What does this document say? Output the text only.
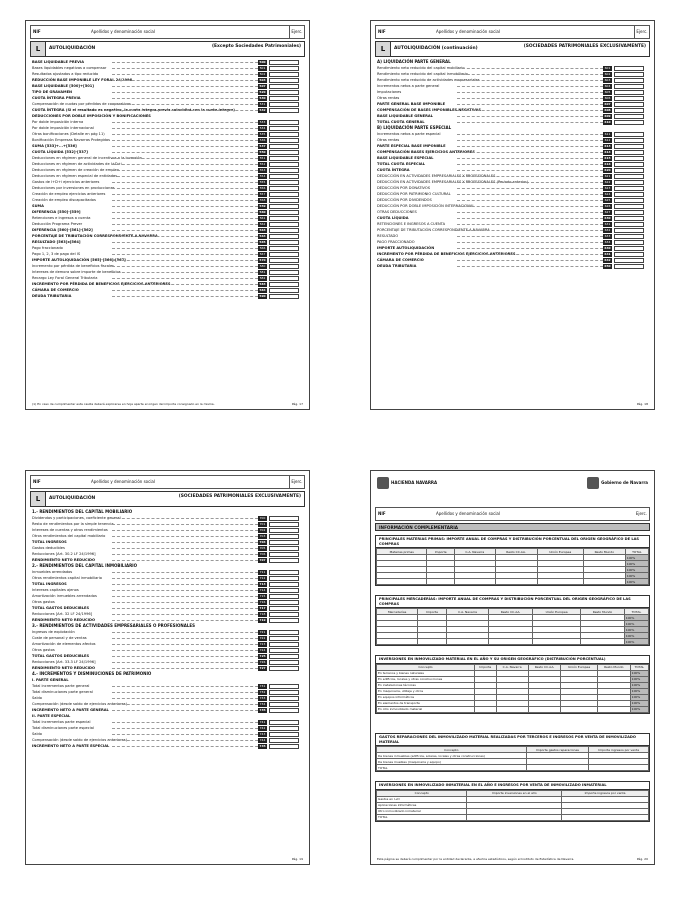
NIF	Apellidos y denominación social	Ejerc.
L	AUTOLIQUIDACIÓN	(Excepto Sociedades Patrimoniales)
BASE LIQUIDABLE PREVIA	500
Bases liquidables negativas a compensar	501
Resultados ajustados a tipo reducido	502
REDUCCIÓN BASE IMPONIBLE LEY FORAL 24/1996	503
BASE LIQUIDABLE [500]+[501]	507
TIPO DE GRAVAMEN	520
CUOTA ÍNTEGRA PREVIA	530
Compensación de cuotas por pérdidas de cooperativas	531
CUOTA ÍNTEGRA (Si el resultado es negativo, la cuota íntegra previa coincidirá con la cuota íntegra)	532
DEDUCCIONES POR DOBLE IMPOSICIÓN Y BONIFICACIONES
Por doble imposición interna	533
Por doble imposición internacional	534
Otras bonificaciones (Detalle en pág 11)	535
Bonificación Empresas Navarras Protegidas	536
SUMA [533]+...+[536]	537
CUOTA LÍQUIDA [532]-[537]	550
Deducciones en régimen general de incentivos a la inversión	551
Deducciones en régimen de actividades de I+D+i	552
Deducciones en régimen de creación de empleo	553
Deducciones en régimen especial de entidades	554
Gastos de I+D+i ejercicios anteriores	555
Deducciones por inversiones en producciones	556
Creación de empleo ejercicios anteriores	557
Creación de empleo discapacitados	558
SUMA	559
DIFERENCIA [550]-[559]	560
Retenciones e ingresos a cuenta	561
Deducción Programa Prever	562
DIFERENCIA [560]-[561]-[562]	563
PORCENTAJE DE TRIBUTACIÓN CORRESPONDIENTE A NAVARRA	564
RESULTADO [563]x[564]	565
Pago fraccionado	566
Pago 1, 2, 3 de pago del IS	567
IMPORTE AUTOLIQUIDACIÓN [565]-[566]-[567]	570
Incremento por pérdida de beneficios fiscales	580
Intereses de demora sobre importe de beneficios	581
Recargo Ley Foral General Tributaria	582
INCREMENTO POR PÉRDIDA DE BENEFICIOS EJERCICIOS ANTERIORES	583
CÁMARA DE COMERCIO	584
DEUDA TRIBUTARIA	590
(1) En caso de cumplimentar esta casilla deberá explicarse en hoja aparte el origen del importe consignado en la misma.	Pág. 17
NIF	Apellidos y denominación social	Ejerc.
L	AUTOLIQUIDACIÓN (continuación)	(SOCIEDADES PATRIMONIALES EXCLUSIVAMENTE)
A) LIQUIDACIÓN PARTE GENERAL
Rendimiento neto reducido del capital mobiliario	601
Rendimiento neto reducido del capital inmobiliario	602
Rendimiento neto reducido de actividades empresariales	603
Incrementos netos a parte general	604
Imputaciones	605
Otras rentas	606
PARTE GENERAL BASE IMPONIBLE	607
COMPENSACIÓN DE BASES IMPONIBLES NEGATIVAS	608
BASE LIQUIDABLE GENERAL	609
TOTAL CUOTA GENERAL	610
B) LIQUIDACIÓN PARTE ESPECIAL
Incrementos netos a parte especial	611
Otras rentas	612
PARTE ESPECIAL BASE IMPONIBLE	613
COMPENSACIÓN BASES EJERCICIOS ANTERIORES	614
BASE LIQUIDABLE ESPECIAL	615
TOTAL CUOTA ESPECIAL	616
CUOTA ÍNTEGRA	620
DEDUCCIÓN EN ACTIVIDADES EMPRESARIALES Y PROFESIONALES	621
DEDUCCIÓN EN ACTIVIDADES EMPRESARIALES Y PROFESIONALES (Periodo anterior)	622
DEDUCCIÓN POR DONATIVOS	623
DEDUCCIÓN POR PATRIMONIO CULTURAL	624
DEDUCCIÓN POR DIVIDENDOS	625
DEDUCCIÓN POR DOBLE IMPOSICIÓN INTERNACIONAL	626
OTRAS DEDUCCIONES	627
CUOTA LÍQUIDA	630
RETENCIONES E INGRESOS A CUENTA	631
PORCENTAJE DE TRIBUTACIÓN CORRESPONDIENTE A NAVARRA	632
RESULTADO	633
PAGO FRACCIONADO	634
IMPORTE AUTOLIQUIDACIÓN	640
INCREMENTO POR PÉRDIDA DE BENEFICIOS EJERCICIOS ANTERIORES	641
CÁMARA DE COMERCIO	642
DEUDA TRIBUTARIA	650
Pág. 18
NIF	Apellidos y denominación social	Ejerc.
L	AUTOLIQUIDACIÓN	(SOCIEDADES PATRIMONIALES EXCLUSIVAMENTE)
1.- RENDIMIENTOS DEL CAPITAL MOBILIARIO
Dividendos y participaciones, coeficiente general	700
Resto de rendimientos por la simple tenencia	701
Intereses de cuentas y otros rendimientos	702
Otros rendimientos del capital mobiliario	703
TOTAL INGRESOS	704
Gastos deducibles	705
Reducciones [Art. 30.2 LF 24/1996]	706
RENDIMIENTO NETO REDUCIDO	707
2.- RENDIMIENTOS DEL CAPITAL INMOBILIARIO
Inmuebles arrendados	711
Otros rendimientos capital inmobiliario	712
TOTAL INGRESOS	713
Intereses capitales ajenos	714
Amortización inmuebles arrendados	715
Otros gastos	716
TOTAL GASTOS DEDUCIBLES	717
Reducciones [Art. 32 LF 24/1996]	718
RENDIMIENTO NETO REDUCIDO	719
3.- RENDIMIENTOS DE ACTIVIDADES EMPRESARIALES O PROFESIONALES
Ingresos de explotación	721
Coste de personal y de ventas	722
Amortización de elementos afectos	723
Otros gastos	724
TOTAL GASTOS DEDUCIBLES	725
Reducciones [Art. 33.3 LF 24/1996]	726
RENDIMIENTO NETO REDUCIDO	727
4.- INCREMENTOS Y DISMINUCIONES DE PATRIMONIO
I. PARTE GENERAL
Total incrementos parte general	731
Total disminuciones parte general	732
Saldo	733
Compensación (desde saldo de ejercicios anteriores)	734
INCREMENTO NETO A PARTE GENERAL	735
II. PARTE ESPECIAL
Total incrementos parte especial	741
Total disminuciones parte especial	742
Saldo	743
Compensación (desde saldo de ejercicios anteriores)	744
INCREMENTO NETO A PARTE ESPECIAL	745
Pág. 19
HACIENDA NAVARRA	Gobierno de Navarra
NIF	Apellidos y denominación social	Ejerc.
INFORMACIÓN COMPLEMENTARIA
PRINCIPALES MATERIAS PRIMAS: IMPORTE ANUAL DE COMPRAS Y DISTRIBUCIÓN PORCENTUAL DEL ORIGEN GEOGRÁFICO DE LAS COMPRAS
Materias primas	Importe	C.A. Navarra	Resto CC.AA.	Unión Europea	Resto Mundo	TOTAL
						100%
						100%
						100%
						100%
						100%
PRINCIPALES MERCADERÍAS: IMPORTE ANUAL DE COMPRAS Y DISTRIBUCIÓN PORCENTUAL DEL ORIGEN GEOGRÁFICO DE LAS COMPRAS
Mercaderías	Importe	C.A. Navarra	Resto CC.AA.	Unión Europea	Resto Mundo	TOTAL
						100%
						100%
						100%
						100%
						100%
INVERSIONES EN INMOVILIZADO MATERIAL EN EL AÑO Y SU ORIGEN GEOGRÁFICO (DISTRIBUCIÓN PORCENTUAL)
Concepto	Importe	C.A. Navarra	Resto CC.AA.	Unión Europea	Resto Mundo	TOTAL
En terrenos y bienes naturales						100%
En edificios, locales y otras construcciones						100%
En instalaciones técnicas						100%
En maquinaria, utillaje y otros						100%
En equipos informáticos						100%
En elementos de transporte						100%
En otro inmovilizado material						100%
GASTOS REPARACIONES DEL INMOVILIZADO MATERIAL REALIZADAS POR TERCEROS E INGRESOS POR VENTA DE INMOVILIZADO MATERIAL
Concepto	Importe gastos reparaciones	Importe ingresos por venta
De bienes inmuebles (edificios, solares, locales y otras construcciones)		
De bienes muebles (maquinaria y equipo)		
TOTAL		
INVERSIONES EN INMOVILIZADO INMATERIAL EN EL AÑO E INGRESOS POR VENTA DE INMOVILIZADO INMATERIAL
Concepto	Importe inversiones en el año	Importe ingresos por venta
Gastos en I+D		
Aplicaciones informáticas		
Otro inmovilizado inmaterial		
TOTAL		
Esta página se deberá cumplimentar por la entidad declarante, a efectos estadísticos, según el Instituto de Estadística de Navarra.	Pág. 20
